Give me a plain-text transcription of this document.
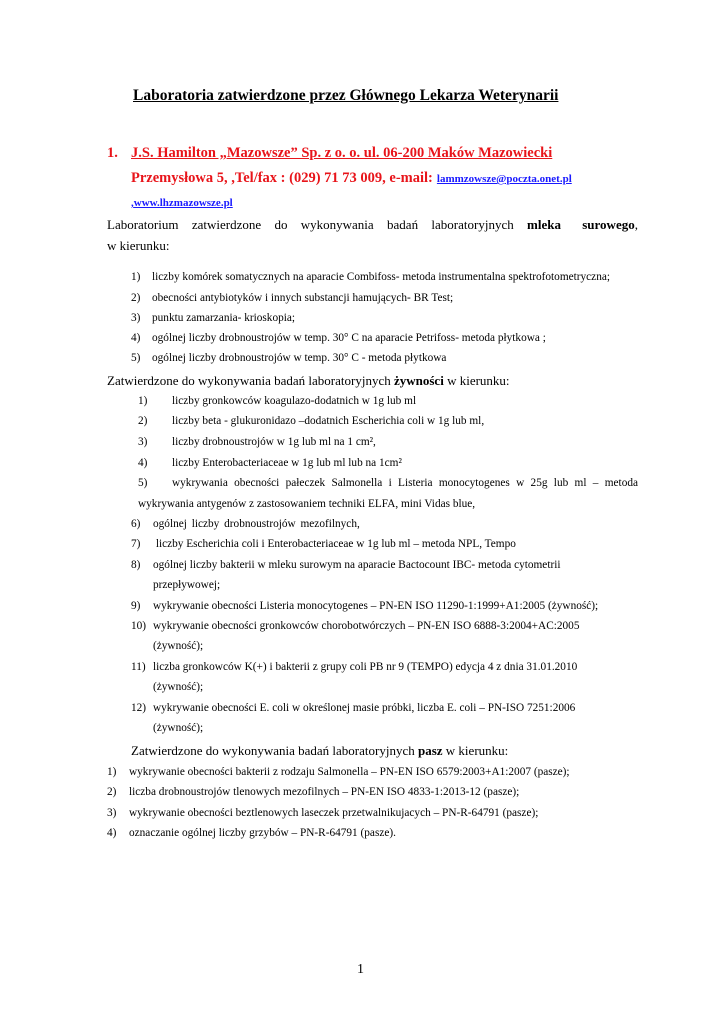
Laboratoria zatwierdzone przez Głównego Lekarza Weterynarii
1. J.S. Hamilton „Mazowsze” Sp. z o. o. ul. 06-200 Maków Mazowiecki
Przemysłowa 5, ,Tel/fax : (029) 71 73 009, e-mail: lammzowsze@poczta.onet.pl
,www.lhzmazowsze.pl
Laboratorium zatwierdzone do wykonywania badań laboratoryjnych mleka surowego,
w kierunku:
1) liczby komórek somatycznych na aparacie Combifoss- metoda instrumentalna spektrofotometryczna;
2) obecności antybiotyków i innych substancji hamujących- BR Test;
3) punktu zamarzania- krioskopia;
4) ogólnej liczby drobnoustrojów w temp. 30° C na aparacie Petrifoss- metoda płytkowa ;
5) ogólnej liczby drobnoustrojów w temp. 30° C - metoda płytkowa
Zatwierdzone do wykonywania badań laboratoryjnych żywności w kierunku:
1) liczby gronkowców koagulazo-dodatnich w 1g lub ml
2) liczby beta - glukuronidazo –dodatnich Escherichia coli w 1g lub ml,
3) liczby drobnoustrojów w 1g lub ml na 1 cm²,
4) liczby Enterobacteriaceae w 1g lub ml lub na 1cm²
5) wykrywania obecności pałeczek Salmonella i Listeria monocytogenes w 25g lub ml – metoda
wykrywania antygenów z zastosowaniem techniki ELFA, mini Vidas blue,
6) ogólnej liczby drobnoustrojów mezofilnych,
7) liczby Escherichia coli i Enterobacteriaceae w 1g lub ml – metoda NPL, Tempo
8) ogólnej liczby bakterii w mleku surowym na aparacie Bactocount IBC- metoda cytometrii
przepływowej;
9) wykrywanie obecności Listeria monocytogenes – PN-EN ISO 11290-1:1999+A1:2005 (żywność);
10) wykrywanie obecności gronkowców chorobotwórczych – PN-EN ISO 6888-3:2004+AC:2005
(żywność);
11) liczba gronkowców K(+) i bakterii z grupy coli PB nr 9 (TEMPO) edycja 4 z dnia 31.01.2010
(żywność);
12) wykrywanie obecności E. coli w określonej masie próbki, liczba E. coli – PN-ISO 7251:2006
(żywność);
Zatwierdzone do wykonywania badań laboratoryjnych pasz w kierunku:
1) wykrywanie obecności bakterii z rodzaju Salmonella – PN-EN ISO 6579:2003+A1:2007 (pasze);
2) liczba drobnoustrojów tlenowych mezofilnych – PN-EN ISO 4833-1:2013-12 (pasze);
3) wykrywanie obecności beztlenowych laseczek przetwalnikujacych – PN-R-64791 (pasze);
4) oznaczanie ogólnej liczby grzybów – PN-R-64791 (pasze).
1
